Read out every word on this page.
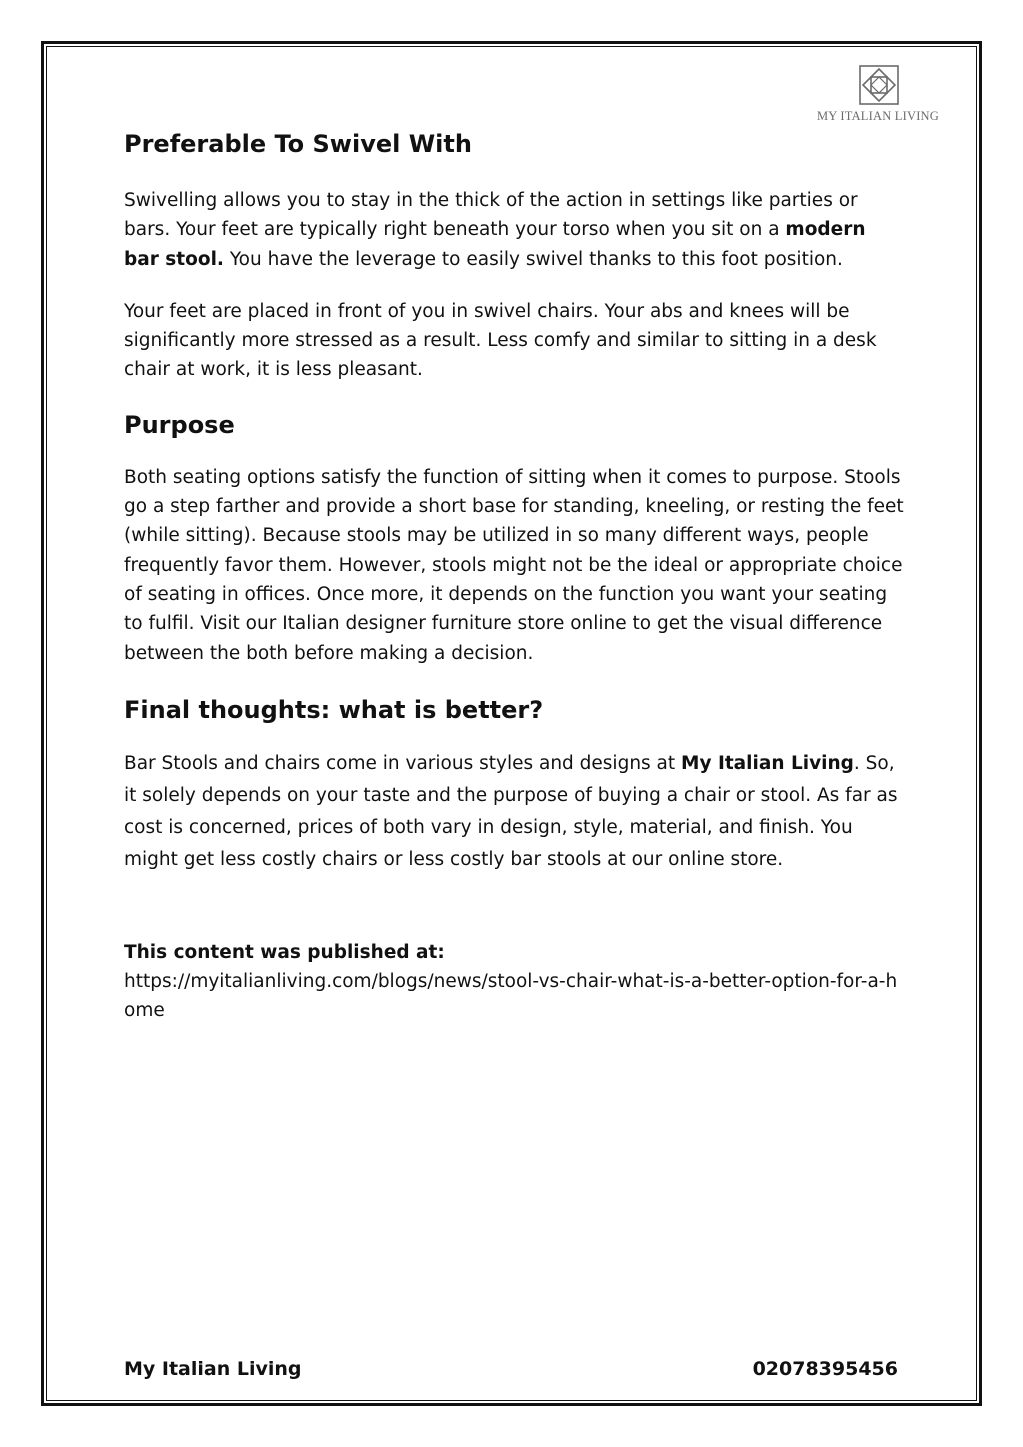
MY ITALIAN LIVING
Preferable To Swivel With

Swivelling allows you to stay in the thick of the action in settings like parties or bars. Your feet are typically right beneath your torso when you sit on a modern bar stool. You have the leverage to easily swivel thanks to this foot position.

Your feet are placed in front of you in swivel chairs. Your abs and knees will be significantly more stressed as a result. Less comfy and similar to sitting in a desk chair at work, it is less pleasant.

Purpose

Both seating options satisfy the function of sitting when it comes to purpose. Stools go a step farther and provide a short base for standing, kneeling, or resting the feet (while sitting). Because stools may be utilized in so many different ways, people frequently favor them. However, stools might not be the ideal or appropriate choice of seating in offices. Once more, it depends on the function you want your seating to fulfil. Visit our Italian designer furniture store online to get the visual difference between the both before making a decision.

Final thoughts: what is better?

Bar Stools and chairs come in various styles and designs at My Italian Living. So, it solely depends on your taste and the purpose of buying a chair or stool. As far as cost is concerned, prices of both vary in design, style, material, and finish. You might get less costly chairs or less costly bar stools at our online store.

This content was published at:

https://myitalianliving.com/blogs/news/stool-vs-chair-what-is-a-better-option-for-a-home

My Italian Living	02078395456
